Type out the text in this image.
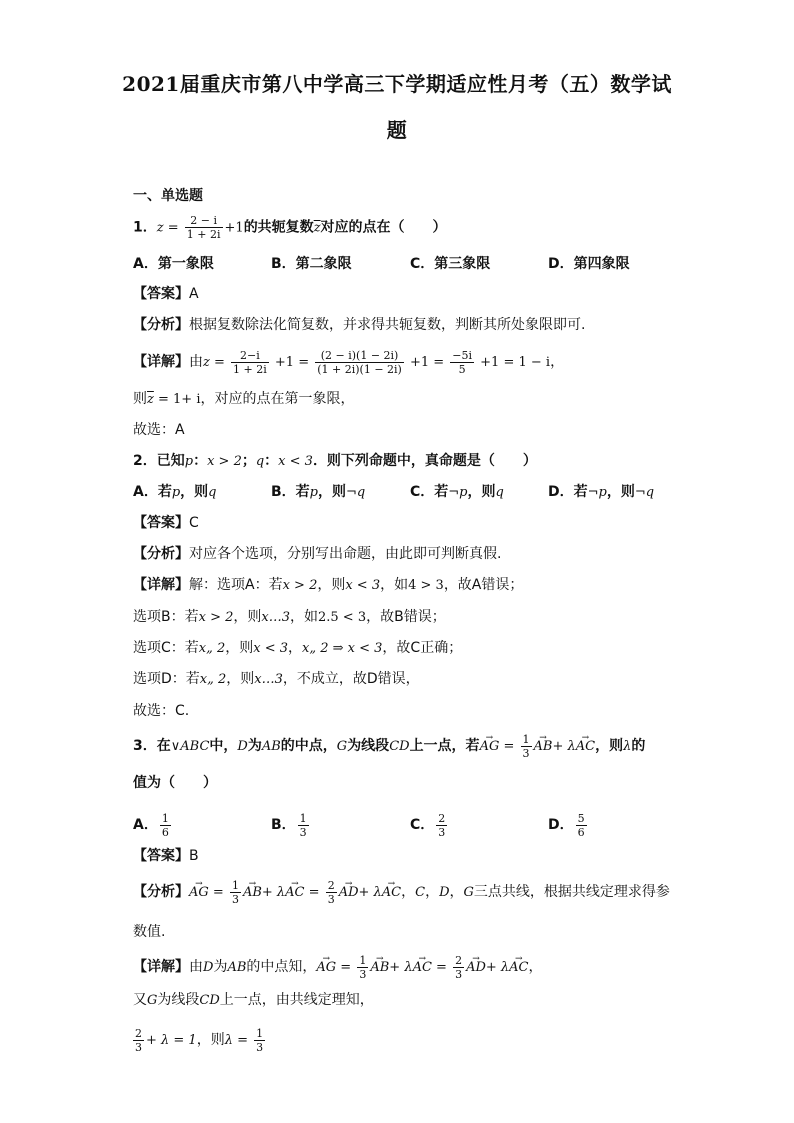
2021届重庆市第八中学高三下学期适应性月考（五）数学试
题
一、单选题
1．$z = \frac{2 - i}{1 + 2i} +1$的共轭复数$\overline{z}$对应的点在（　　）
A．第一象限	B．第二象限	C．第三象限	D．第四象限
【答案】A
【分析】根据复数除法化简复数，并求得共轭复数，判断其所处象限即可.
【详解】由$z = \frac{2-i}{1 + 2i} +1 = \frac{(2 - i)(1 - 2i)}{(1 + 2i)(1 - 2i)} +1 = \frac{-5i}{5} +1 = 1 - i$，
则$\overline{z} = 1+ i$，对应的点在第一象限，
故选：A
2．已知p：x > 2；q：x < 3．则下列命题中，真命题是（　　）
A．若p，则q	B．若p，则¬q	C．若¬p，则q	D．若¬p，则¬q
【答案】C
【分析】对应各个选项，分别写出命题，由此即可判断真假.
【详解】解：选项A：若x > 2，则x < 3，如4 > 3，故A错误；
选项B：若x > 2，则x…3，如2.5 < 3，故B错误；
选项C：若x„ 2，则x < 3，x„ 2 ⇒ x < 3，故C正确；
选项D：若x„ 2，则x…3，不成立，故D错误，
故选：C.
3．在∨ABC中，D为AB的中点，G为线段CD上一点，若→ AG = $\frac{1}{3} \to AB+ \lambda\to$ AC，则λ的
值为（　　）
A． $\frac{1}{6}$	B． $\frac{1}{3}$	C． $\frac{2}{3}$	D． $\frac{5}{6}$
【答案】B
【分析】→ AG = $\frac{1}{3} \to AB+ \lambda\to$ AC = $\frac{2}{3} \to AD+ \lambda\to$ AC，C，D，G三点共线，根据共线定理求得参
数值.
【详解】由D为AB的中点知，→ AG = $\frac{1}{3} \to AB+ \lambda\to$ AC = $\frac{2}{3} \to AD+ \lambda\to$ AC，
又G为线段CD上一点，由共线定理知，
$\frac{2}{3} + \lambda = 1$，则$\lambda = \frac{1}{3}$
